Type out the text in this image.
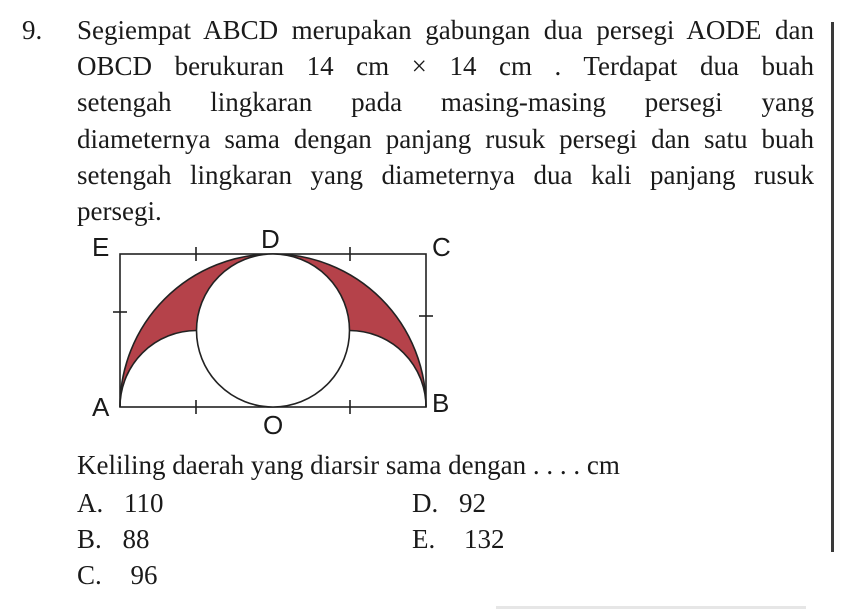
9. Segiempat ABCD merupakan gabungan dua persegi AODE dan
OBCD berukuran 14 cm × 14 cm . Terdapat dua buah
setengah lingkaran pada masing-masing persegi yang
diameternya sama dengan panjang rusuk persegi dan satu buah
setengah lingkaran yang diameternya dua kali panjang rusuk
persegi.
E	D	C
A
O
B
Keliling daerah yang diarsir sama dengan . . . . cm
A. 110	D. 92
B. 88	E. 132
C. 96
